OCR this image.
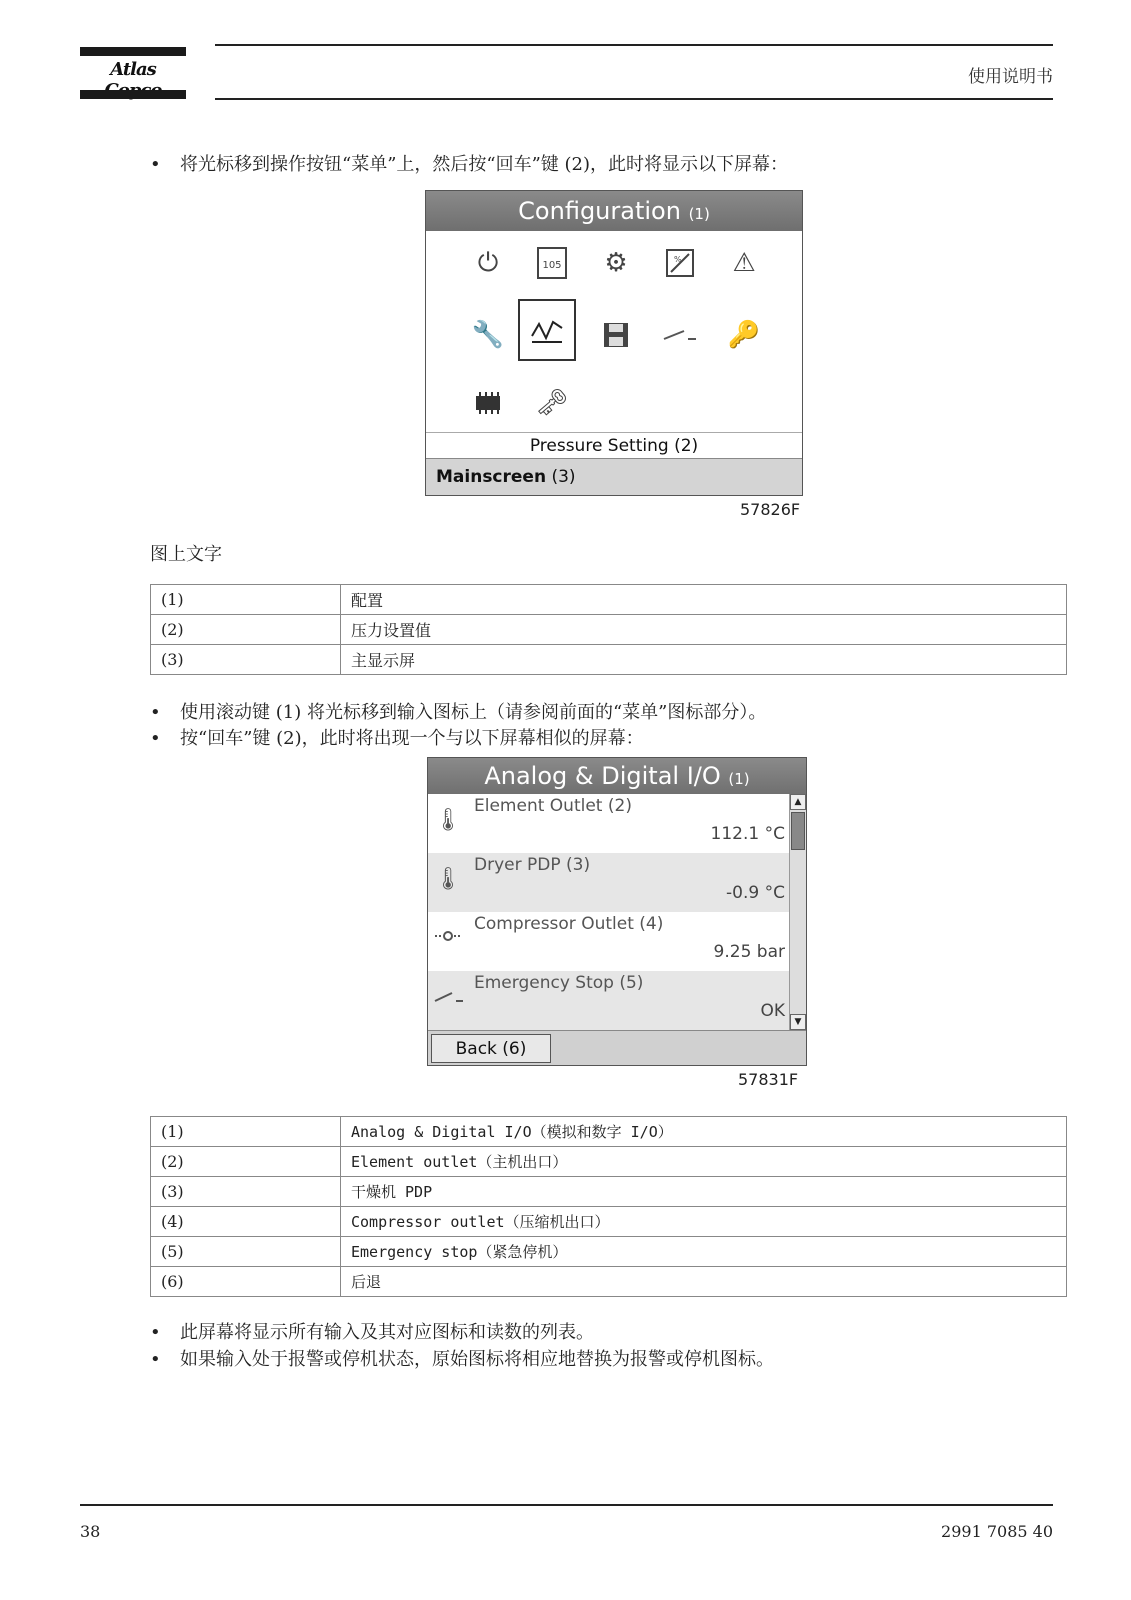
Atlas	使用说明书
• 将光标移到操作按钮“菜单”上，然后按“回车”键 (2)，此时将显示以下屏幕：
Configuration (1)
⏻	105	⚙	%	⚠
🔧	🔑
🗝
Pressure Setting (2)
Mainscreen (3)
57826F
图上文字
(1)	配置
(2)	压力设置值
(3)	主显示屏
• 使用滚动键 (1) 将光标移到输入图标上（请参阅前面的“菜单”图标部分）。
• 按“回车”键 (2)，此时将出现一个与以下屏幕相似的屏幕：
Analog & Digital I/O (1)
🌡
Element Outlet (2)
112.1 °C
🌡
Dryer PDP (3)
-0.9 °C
Compressor Outlet (4)
9.25 bar
Emergency Stop (5)
OK
▲
▼
Back (6)
57831F
(1)	Analog & Digital I/O（模拟和数字 I/O）
(2)	Element outlet（主机出口）
(3)	干燥机 PDP
(4)	Compressor outlet（压缩机出口）
(5)	Emergency stop（紧急停机）
(6)	后退
• 此屏幕将显示所有输入及其对应图标和读数的列表。
• 如果输入处于报警或停机状态，原始图标将相应地替换为报警或停机图标。
38	2991 7085 40
